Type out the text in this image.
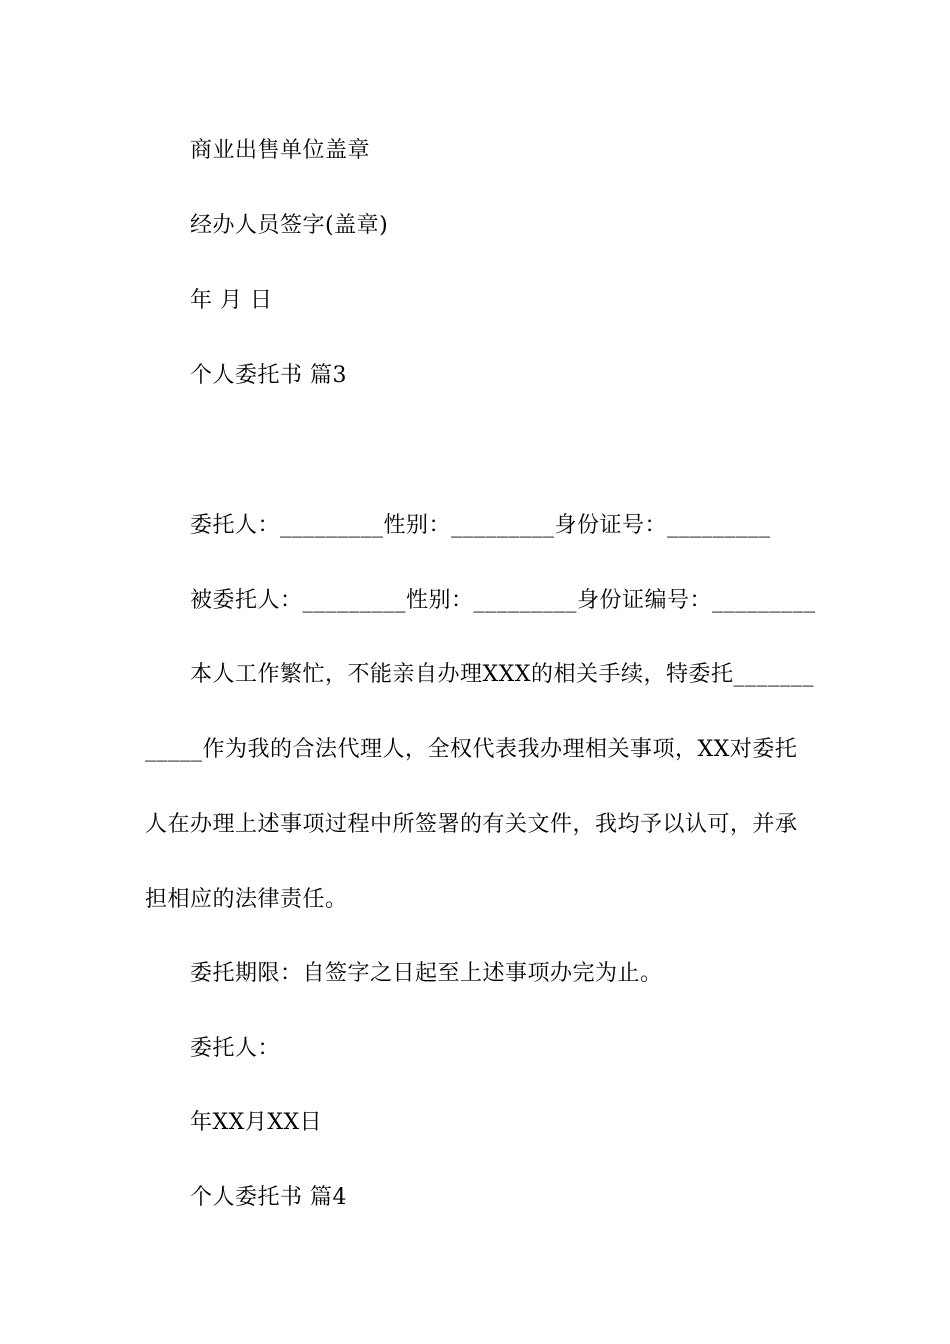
商业出售单位盖章
经办人员签字(盖章)
年 月 日
个人委托书 篇3
委托人：_________性别：_________身份证号：_________
被委托人：_________性别：_________身份证编号：_________
本人工作繁忙，不能亲自办理XXX的相关手续，特委托_______
_____作为我的合法代理人，全权代表我办理相关事项，XX对委托
人在办理上述事项过程中所签署的有关文件，我均予以认可，并承
担相应的法律责任。
委托期限：自签字之日起至上述事项办完为止。
委托人：
年XX月XX日
个人委托书 篇4
